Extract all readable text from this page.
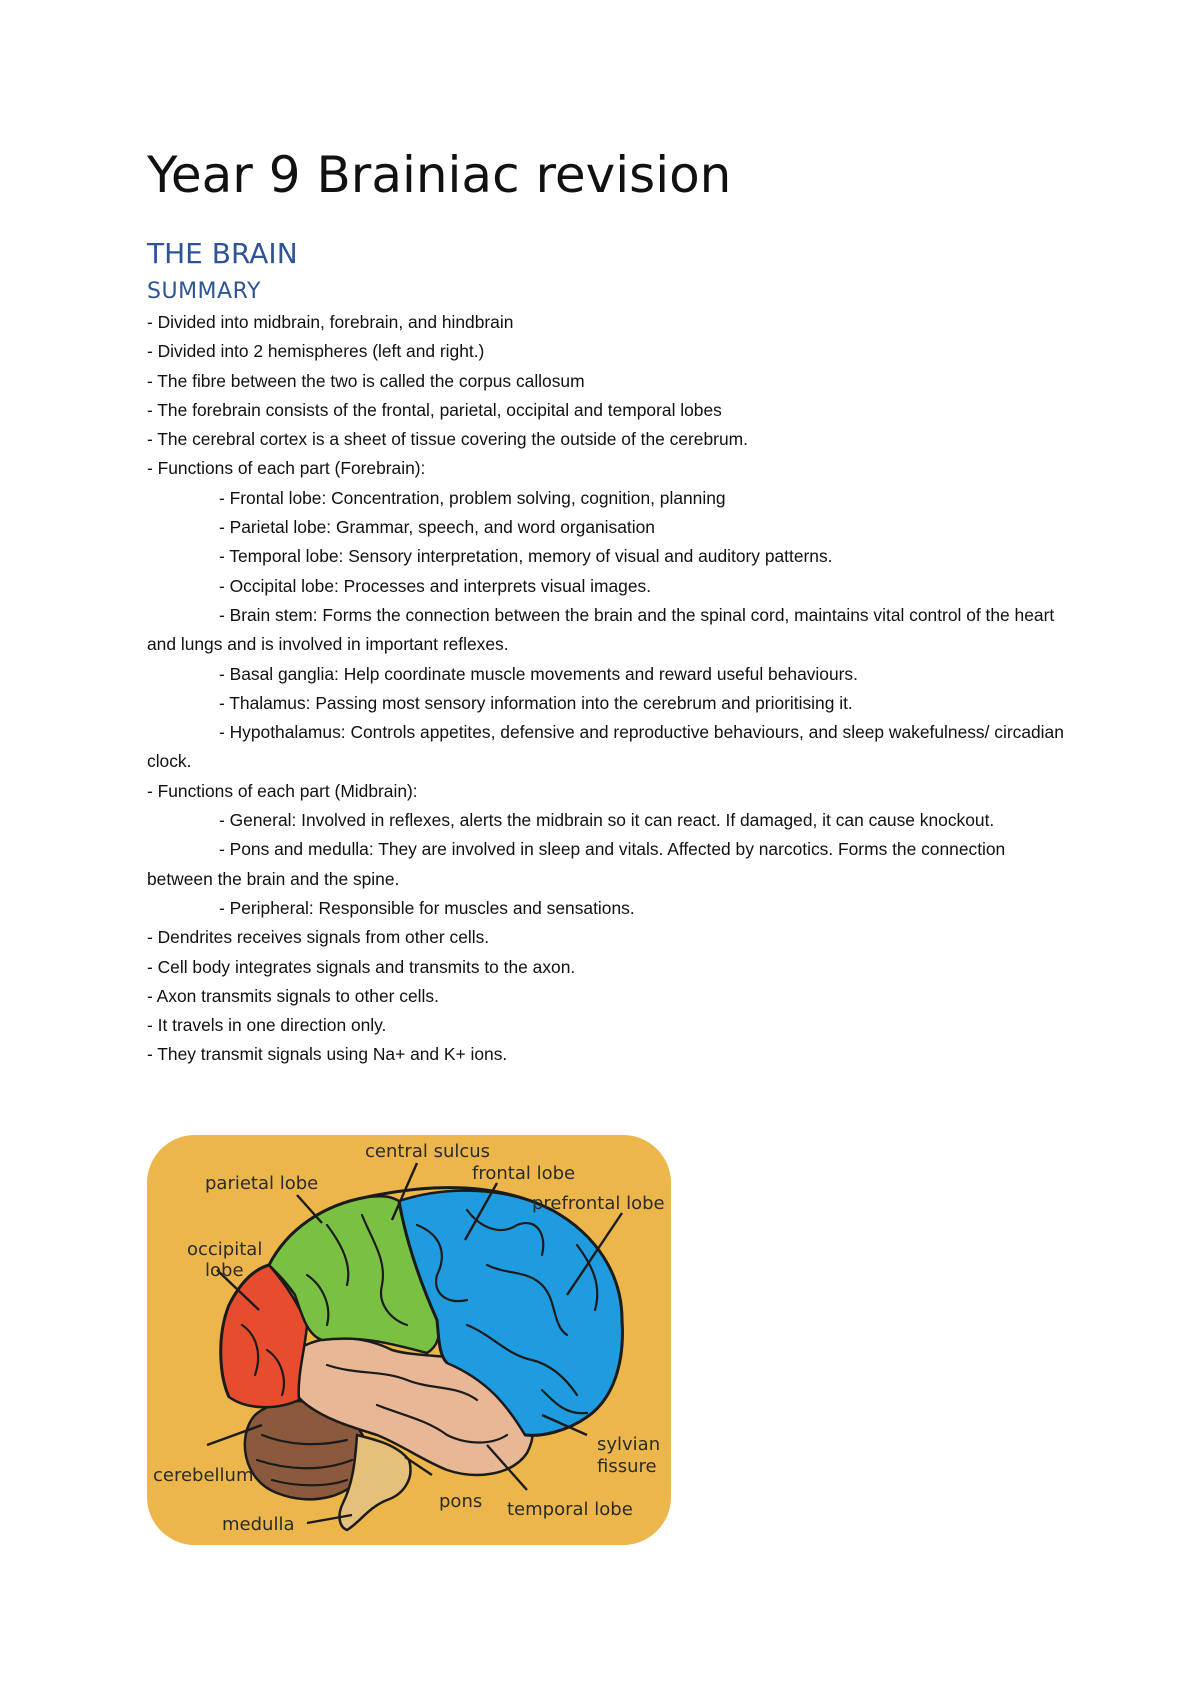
Year 9 Brainiac revision
THE BRAIN
SUMMARY
- Divided into midbrain, forebrain, and hindbrain
- Divided into 2 hemispheres (left and right.)
- The fibre between the two is called the corpus callosum
- The forebrain consists of the frontal, parietal, occipital and temporal lobes
- The cerebral cortex is a sheet of tissue covering the outside of the cerebrum.
- Functions of each part (Forebrain):
- Frontal lobe: Concentration, problem solving, cognition, planning
- Parietal lobe: Grammar, speech, and word organisation
- Temporal lobe: Sensory interpretation, memory of visual and auditory patterns.
- Occipital lobe: Processes and interprets visual images.
- Brain stem: Forms the connection between the brain and the spinal cord, maintains vital control of the heart and lungs and is involved in important reflexes.
- Basal ganglia: Help coordinate muscle movements and reward useful behaviours.
- Thalamus: Passing most sensory information into the cerebrum and prioritising it.
- Hypothalamus: Controls appetites, defensive and reproductive behaviours, and sleep wakefulness/ circadian clock.
- Functions of each part (Midbrain):
- General: Involved in reflexes, alerts the midbrain so it can react. If damaged, it can cause knockout.
- Pons and medulla: They are involved in sleep and vitals. Affected by narcotics. Forms the connection between the brain and the spine.
- Peripheral: Responsible for muscles and sensations.
- Dendrites receives signals from other cells.
- Cell body integrates signals and transmits to the axon.
- Axon transmits signals to other cells.
- It travels in one direction only.
- They transmit signals using Na+ and K+ ions.
central sulcus
frontal lobe
prefrontal lobe
parietal lobe
occipital
lobe
sylvian
fissure
cerebellum
medulla
pons temporal lobe
